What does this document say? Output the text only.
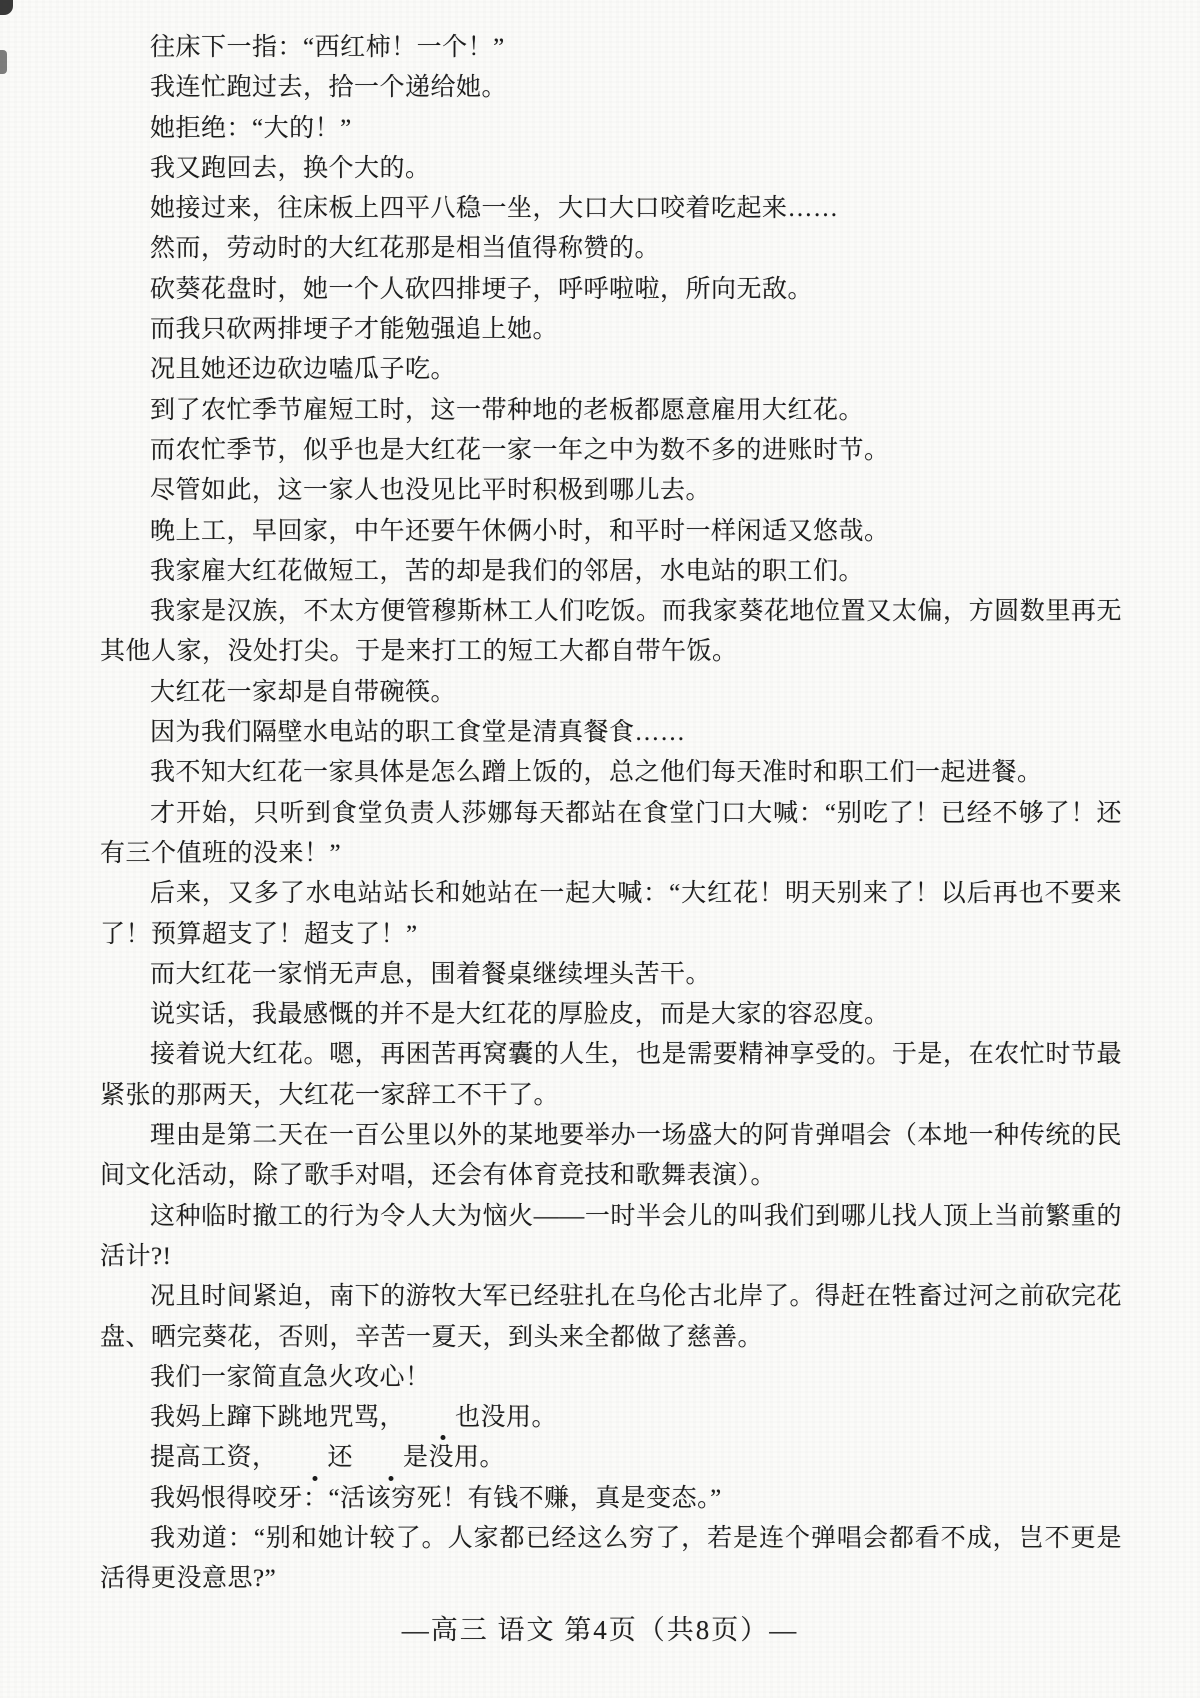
往床下一指：“西红柿！一个！”

我连忙跑过去，拾一个递给她。

她拒绝：“大的！”

我又跑回去，换个大的。

她接过来，往床板上四平八稳一坐，大口大口咬着吃起来……

然而，劳动时的大红花那是相当值得称赞的。

砍葵花盘时，她一个人砍四排埂子，呼呼啦啦，所向无敌。

而我只砍两排埂子才能勉强追上她。

况且她还边砍边嗑瓜子吃。

到了农忙季节雇短工时，这一带种地的老板都愿意雇用大红花。

而农忙季节，似乎也是大红花一家一年之中为数不多的进账时节。

尽管如此，这一家人也没见比平时积极到哪儿去。

晚上工，早回家，中午还要午休俩小时，和平时一样闲适又悠哉。

我家雇大红花做短工，苦的却是我们的邻居，水电站的职工们。

我家是汉族，不太方便管穆斯林工人们吃饭。而我家葵花地位置又太偏，方圆数里再无其他人家，没处打尖。于是来打工的短工大都自带午饭。

大红花一家却是自带碗筷。

因为我们隔壁水电站的职工食堂是清真餐食……

我不知大红花一家具体是怎么蹭上饭的，总之他们每天准时和职工们一起进餐。

才开始，只听到食堂负责人莎娜每天都站在食堂门口大喊：“别吃了！已经不够了！还有三个值班的没来！”

后来，又多了水电站站长和她站在一起大喊：“大红花！明天别来了！以后再也不要来了！预算超支了！超支了！”

而大红花一家悄无声息，围着餐桌继续埋头苦干。

说实话，我最感慨的并不是大红花的厚脸皮，而是大家的容忍度。

接着说大红花。嗯，再困苦再窝囊的人生，也是需要精神享受的。于是，在农忙时节最紧张的那两天，大红花一家辞工不干了。

理由是第二天在一百公里以外的某地要举办一场盛大的阿肯弹唱会（本地一种传统的民间文化活动，除了歌手对唱，还会有体育竞技和歌舞表演）。

这种临时撤工的行为令人大为恼火——一时半会儿的叫我们到哪儿找人顶上当前繁重的活计?!

况且时间紧迫，南下的游牧大军已经驻扎在乌伦古北岸了。得赶在牲畜过河之前砍完花盘、晒完葵花，否则，辛苦一夏天，到头来全都做了慈善。

我们一家简直急火攻心！

我妈上蹿下跳地咒骂， 也没用。

提高工资， 还 是没用。

我妈恨得咬牙：“活该穷死！有钱不赚，真是变态。”

我劝道：“别和她计较了。人家都已经这么穷了，若是连个弹唱会都看不成，岂不更是活得更没意思?”

—高三 语文 第4页（共8页）—
